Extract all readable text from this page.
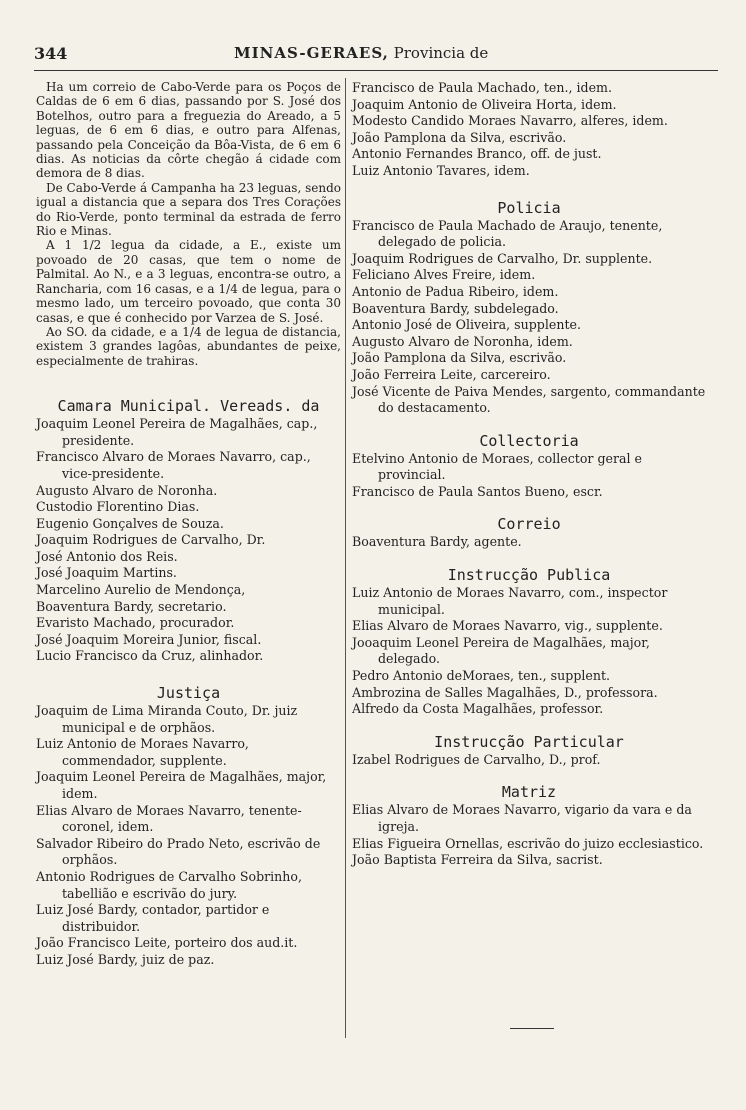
344	MINAS-GERAES, Provincia de

Ha um correio de Cabo-Verde para os Poços de Caldas de 6 em 6 dias, passando por S. José dos Botelhos, outro para a freguezia do Areado, a 5 leguas, de 6 em 6 dias, e outro para Alfenas, passando pela Conceição da Bôa-Vista, de 6 em 6 dias. As noticias da côrte chegão á cidade com demora de 8 dias.

De Cabo-Verde á Campanha ha 23 leguas, sendo igual a distancia que a separa dos Tres Corações do Rio-Verde, ponto terminal da estrada de ferro Rio e Minas.

A 1 1/2 legua da cidade, a E., existe um povoado de 20 casas, que tem o nome de Palmital. Ao N., e a 3 leguas, encontra-se outro, a Rancharia, com 16 casas, e a 1/4 de legua, para o mesmo lado, um terceiro povoado, que conta 30 casas, e que é conhecido por Varzea de S. José.

Ao SO. da cidade, e a 1/4 de legua de distancia, existem 3 grandes lagôas, abundantes de peixe, especialmente de trahiras.

Camara Municipal. Vereads. da

Joaquim Leonel Pereira de Magalhães, cap., presidente.

Francisco Alvaro de Moraes Navarro, cap., vice-presidente.

Augusto Alvaro de Noronha.

Custodio Florentino Dias.

Eugenio Gonçalves de Souza.

Joaquim Rodrigues de Carvalho, Dr.

José Antonio dos Reis.

José Joaquim Martins.

Marcelino Aurelio de Mendonça,

Boaventura Bardy, secretario.

Evaristo Machado, procurador.

José Joaquim Moreira Junior, fiscal.

Lucio Francisco da Cruz, alinhador.

Justiça

Joaquim de Lima Miranda Couto, Dr. juiz municipal e de orphãos.

Luiz Antonio de Moraes Navarro, commendador, supplente.

Joaquim Leonel Pereira de Magalhães, major, idem.

Elias Alvaro de Moraes Navarro, tenente-coronel, idem.

Salvador Ribeiro do Prado Neto, escrivão de orphãos.

Antonio Rodrigues de Carvalho Sobrinho, tabellião e escrivão do jury.

Luiz José Bardy, contador, partidor e distribuidor.

João Francisco Leite, porteiro dos aud.it.

Luiz José Bardy, juiz de paz.

Francisco de Paula Machado, ten., idem.

Joaquim Antonio de Oliveira Horta, idem.

Modesto Candido Moraes Navarro, alferes, idem.

João Pamplona da Silva, escrivão.

Antonio Fernandes Branco, off. de just.

Luiz Antonio Tavares, idem.

Policia

Francisco de Paula Machado de Araujo, tenente, delegado de policia.

Joaquim Rodrigues de Carvalho, Dr. supplente.

Feliciano Alves Freire, idem.

Antonio de Padua Ribeiro, idem.

Boaventura Bardy, subdelegado.

Antonio José de Oliveira, supplente.

Augusto Alvaro de Noronha, idem.

João Pamplona da Silva, escrivão.

João Ferreira Leite, carcereiro.

José Vicente de Paiva Mendes, sargento, commandante do destacamento.

Collectoria

Etelvino Antonio de Moraes, collector geral e provincial.

Francisco de Paula Santos Bueno, escr.

Correio

Boaventura Bardy, agente.

Instrucção Publica

Luiz Antonio de Moraes Navarro, com., inspector municipal.

Elias Alvaro de Moraes Navarro, vig., supplente.

Jooaquim Leonel Pereira de Magalhães, major, delegado.

Pedro Antonio deMoraes, ten., supplent.

Ambrozina de Salles Magalhães, D., professora.

Alfredo da Costa Magalhães, professor.

Instrucção Particular

Izabel Rodrigues de Carvalho, D., prof.

Matriz

Elias Alvaro de Moraes Navarro, vigario da vara e da igreja.

Elias Figueira Ornellas, escrivão do juizo ecclesiastico.

João Baptista Ferreira da Silva, sacrist.
